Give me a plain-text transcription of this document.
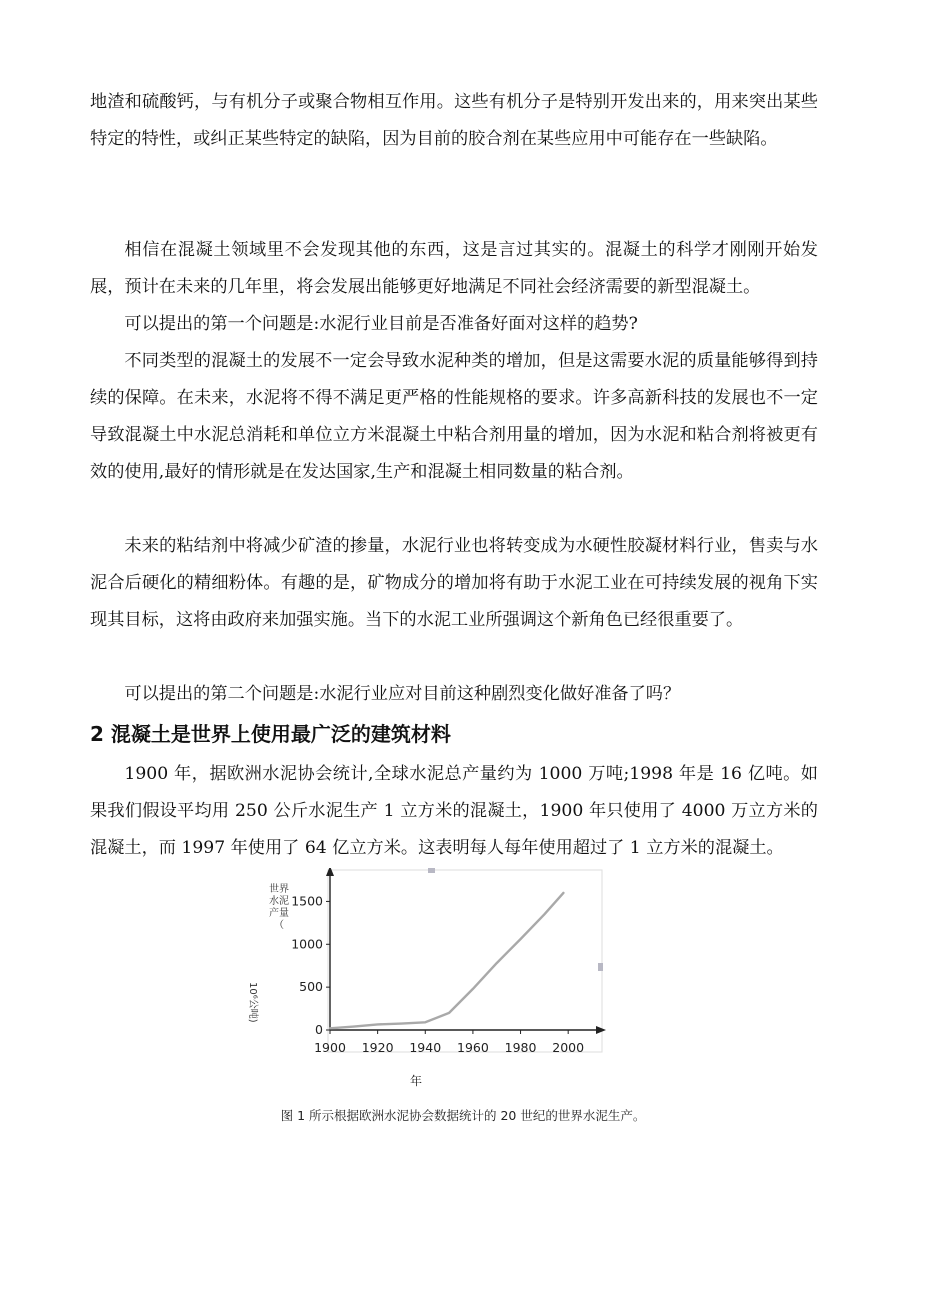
地渣和硫酸钙，与有机分子或聚合物相互作用。这些有机分子是特别开发出来的，用来突出某些特定的特性，或纠正某些特定的缺陷，因为目前的胶合剂在某些应用中可能存在一些缺陷。

相信在混凝土领域里不会发现其他的东西，这是言过其实的。混凝土的科学才刚刚开始发展，预计在未来的几年里，将会发展出能够更好地满足不同社会经济需要的新型混凝土。

可以提出的第一个问题是:水泥行业目前是否准备好面对这样的趋势?

不同类型的混凝土的发展不一定会导致水泥种类的增加，但是这需要水泥的质量能够得到持续的保障。在未来，水泥将不得不满足更严格的性能规格的要求。许多高新科技的发展也不一定导致混凝土中水泥总消耗和单位立方米混凝土中粘合剂用量的增加，因为水泥和粘合剂将被更有效的使用,最好的情形就是在发达国家,生产和混凝土相同数量的粘合剂。

未来的粘结剂中将减少矿渣的掺量，水泥行业也将转变成为水硬性胶凝材料行业，售卖与水泥合后硬化的精细粉体。有趣的是，矿物成分的增加将有助于水泥工业在可持续发展的视角下实现其目标，这将由政府来加强实施。当下的水泥工业所强调这个新角色已经很重要了。

可以提出的第二个问题是:水泥行业应对目前这种剧烈变化做好准备了吗？

2 混凝土是世界上使用最广泛的建筑材料

1900 年，据欧洲水泥协会统计,全球水泥总产量约为 1000 万吨;1998 年是 16 亿吨。如果我们假设平均用 250 公斤水泥生产 1 立方米的混凝土，1900 年只使用了 4000 万立方米的混凝土，而 1997 年使用了 64 亿立方米。这表明每人每年使用超过了 1 立方米的混凝土。

世界水泥产量（
10⁶公吨)
1900 1920 1940 1960 1980 2000
0
500
1000
1500
年
图 1 所示根据欧洲水泥协会数据统计的 20 世纪的世界水泥生产。
